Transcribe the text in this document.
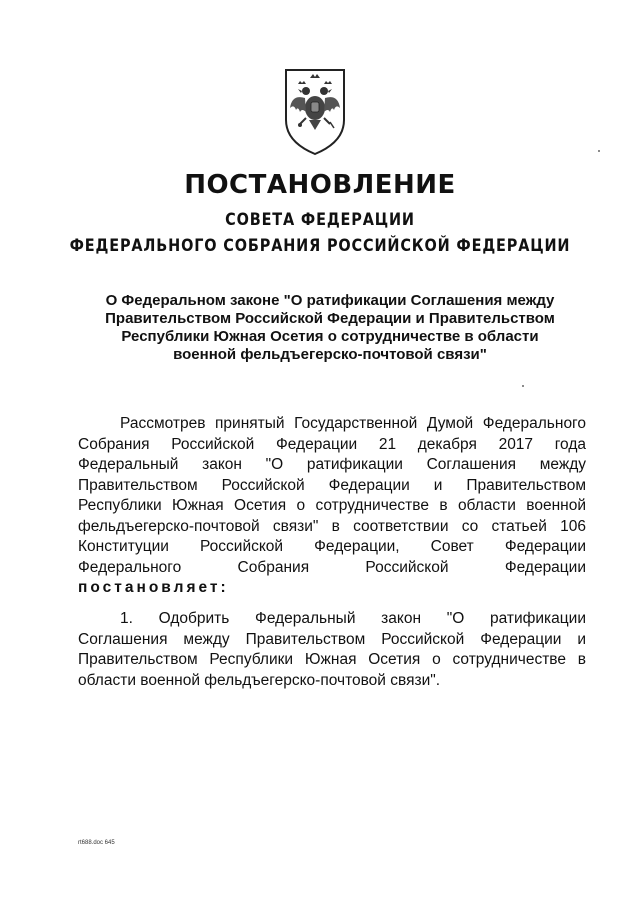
ПОСТАНОВЛЕНИЕ
СОВЕТА ФЕДЕРАЦИИ
ФЕДЕРАЛЬНОГО СОБРАНИЯ РОССИЙСКОЙ ФЕДЕРАЦИИ
О Федеральном законе "О ратификации Соглашения между
Правительством Российской Федерации и Правительством
Республики Южная Осетия о сотрудничестве в области
военной фельдъегерско-почтовой связи"
Рассмотрев принятый Государственной Думой Федерального
Собрания Российской Федерации 21 декабря 2017 года
Федеральный закон "О ратификации Соглашения между
Правительством Российской Федерации и Правительством
Республики Южная Осетия о сотрудничестве в области военной
фельдъегерско-почтовой связи" в соответствии со статьей 106
Конституции Российской Федерации, Совет Федерации
Федерального Собрания Российской Федерации
постановляет:
1. Одобрить Федеральный закон "О ратификации
Соглашения между Правительством Российской Федерации и
Правительством Республики Южная Осетия о сотрудничестве в
области военной фельдъегерско-почтовой связи".
rt688.doc 645
